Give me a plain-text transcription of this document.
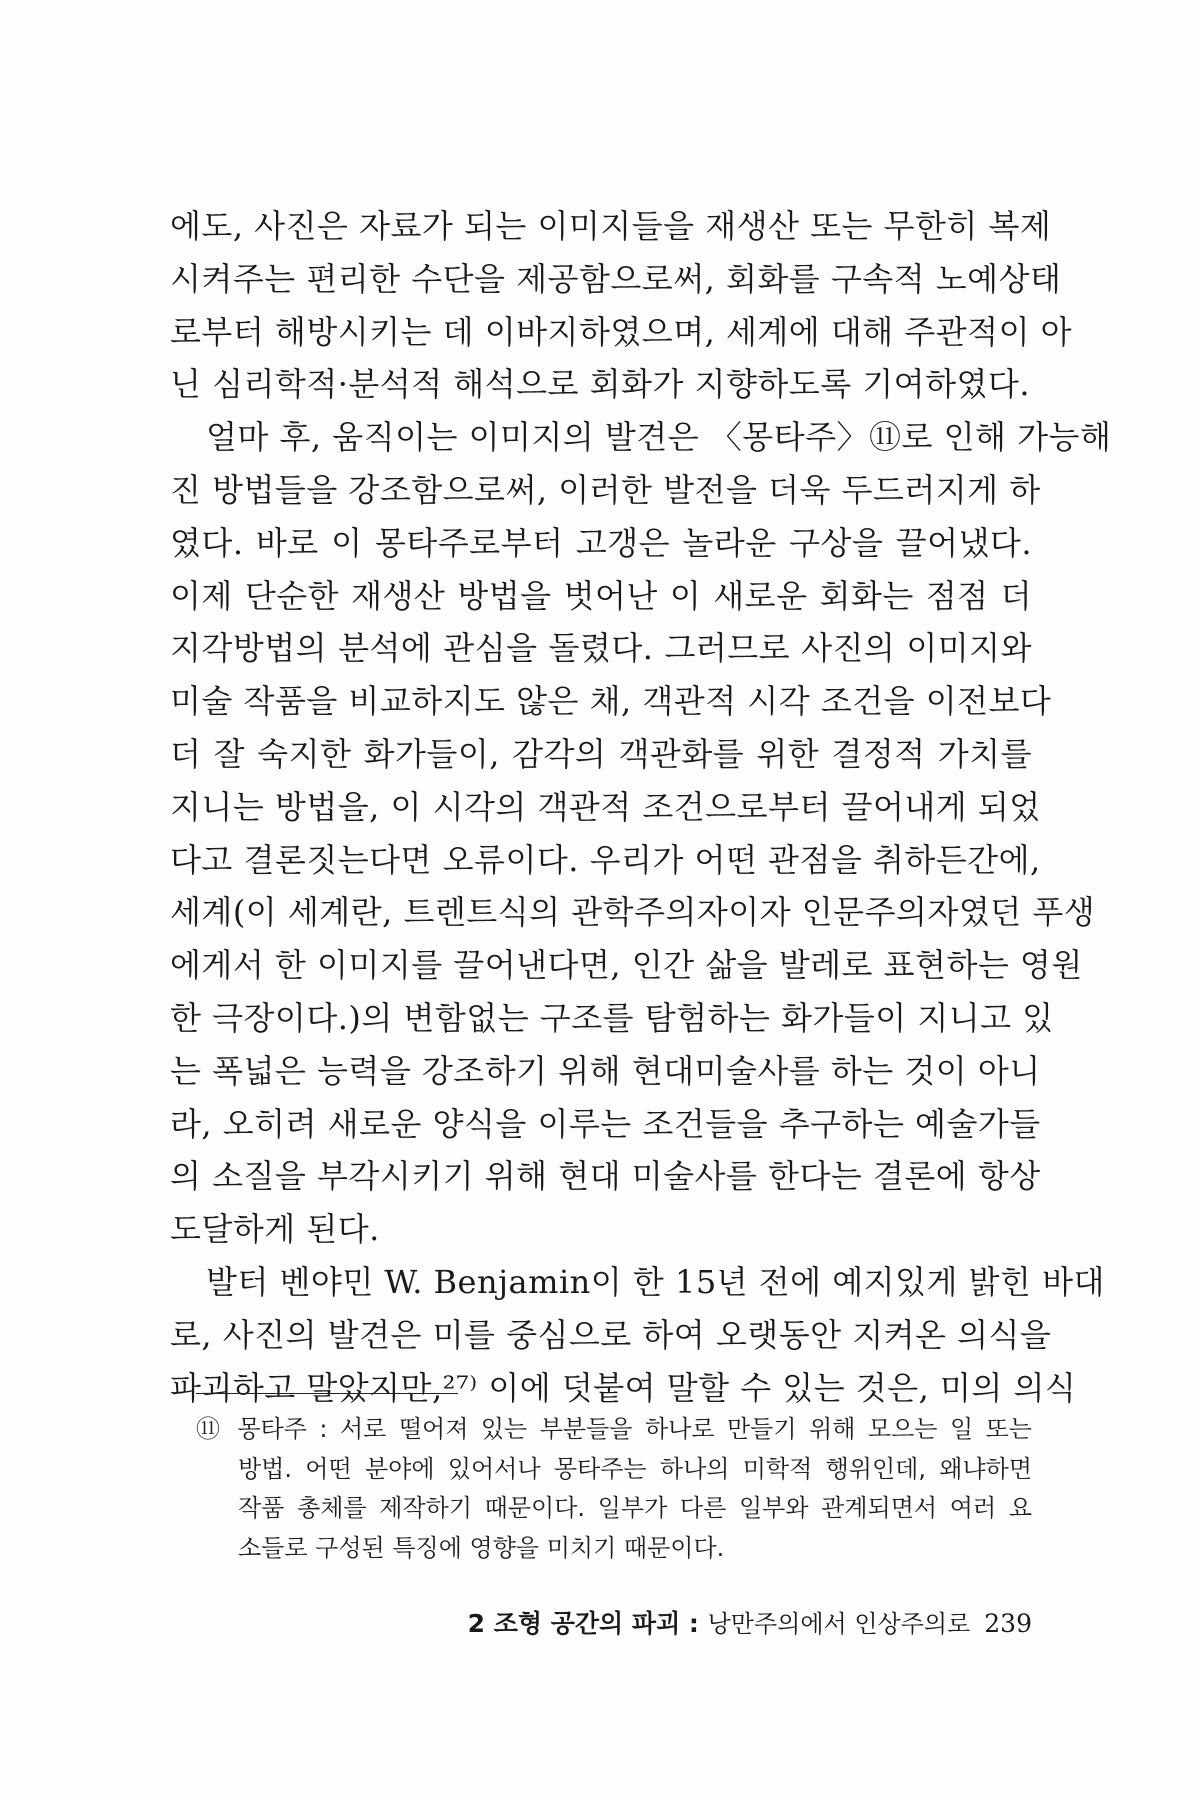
에도, 사진은 자료가 되는 이미지들을 재생산 또는 무한히 복제
시켜주는 편리한 수단을 제공함으로써, 회화를 구속적 노예상태
로부터 해방시키는 데 이바지하였으며, 세계에 대해 주관적이 아
닌 심리학적·분석적 해석으로 회화가 지향하도록 기여하였다.
얼마 후, 움직이는 이미지의 발견은 〈몽타주〉⑪로 인해 가능해
진 방법들을 강조함으로써, 이러한 발전을 더욱 두드러지게 하
였다. 바로 이 몽타주로부터 고갱은 놀라운 구상을 끌어냈다.
이제 단순한 재생산 방법을 벗어난 이 새로운 회화는 점점 더
지각방법의 분석에 관심을 돌렸다. 그러므로 사진의 이미지와
미술 작품을 비교하지도 않은 채, 객관적 시각 조건을 이전보다
더 잘 숙지한 화가들이, 감각의 객관화를 위한 결정적 가치를
지니는 방법을, 이 시각의 객관적 조건으로부터 끌어내게 되었
다고 결론짓는다면 오류이다. 우리가 어떤 관점을 취하든간에,
세계(이 세계란, 트렌트식의 관학주의자이자 인문주의자였던 푸생
에게서 한 이미지를 끌어낸다면, 인간 삶을 발레로 표현하는 영원
한 극장이다.)의 변함없는 구조를 탐험하는 화가들이 지니고 있
는 폭넓은 능력을 강조하기 위해 현대미술사를 하는 것이 아니
라, 오히려 새로운 양식을 이루는 조건들을 추구하는 예술가들
의 소질을 부각시키기 위해 현대 미술사를 한다는 결론에 항상
도달하게 된다.
발터 벤야민 W. Benjamin이 한 15년 전에 예지있게 밝힌 바대
로, 사진의 발견은 미를 중심으로 하여 오랫동안 지켜온 의식을
파괴하고 말았지만,²⁷⁾ 이에 덧붙여 말할 수 있는 것은, 미의 의식
⑪ 몽타주 : 서로 떨어져 있는 부분들을 하나로 만들기 위해 모으는 일 또는
방법. 어떤 분야에 있어서나 몽타주는 하나의 미학적 행위인데, 왜냐하면
작품 총체를 제작하기 때문이다. 일부가 다른 일부와 관계되면서 여러 요
소들로 구성된 특징에 영향을 미치기 때문이다.
2 조형 공간의 파괴 : 낭만주의에서 인상주의로 239
